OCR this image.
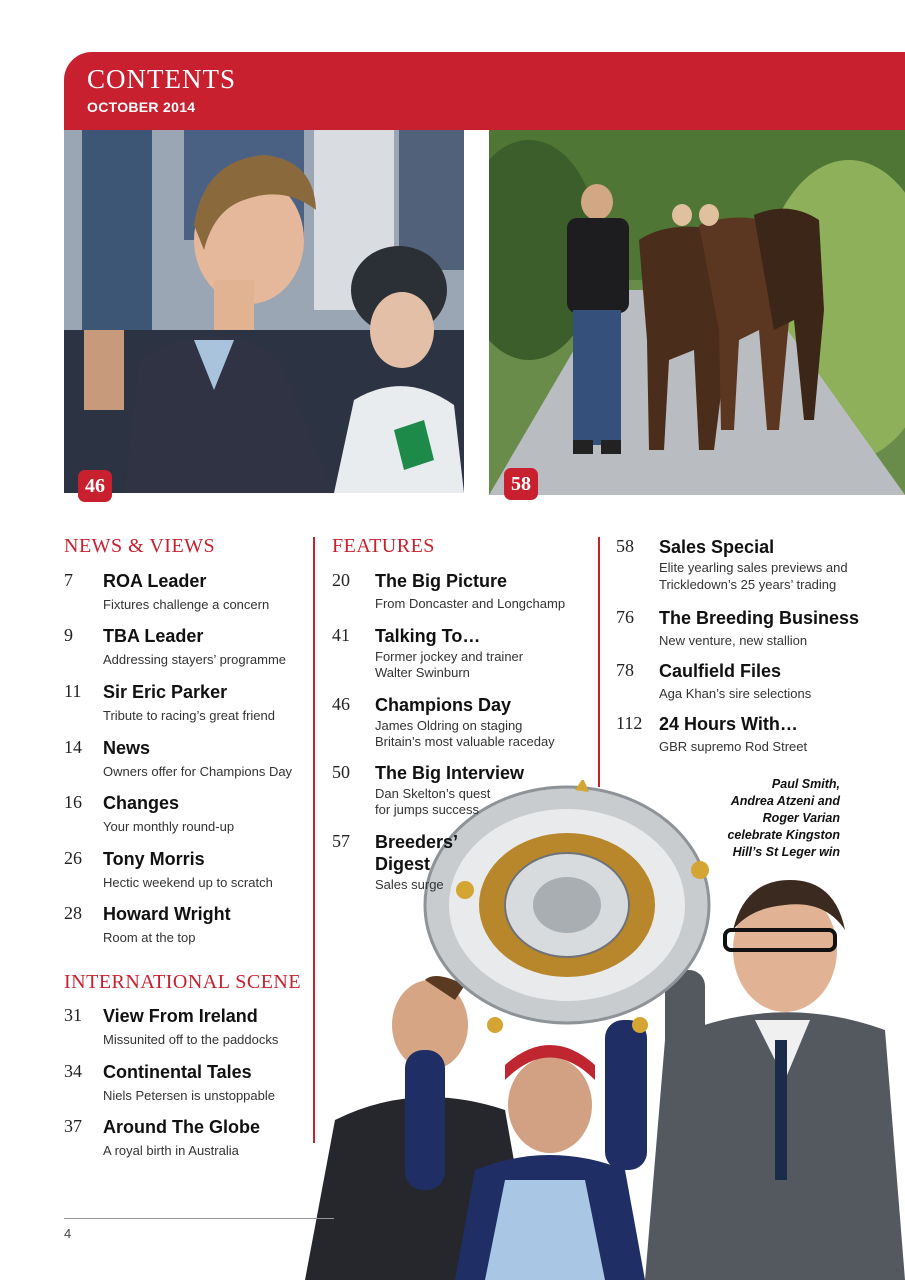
CONTENTS
OCTOBER 2014
46	58
NEWS & VIEWS	FEATURES
INTERNATIONAL SCENE
7 ROA Leader
Fixtures challenge a concern
9 TBA Leader
Addressing stayers’ programme
11 Sir Eric Parker
Tribute to racing’s great friend
14 News
Owners offer for Champions Day
16 Changes
Your monthly round-up
26 Tony Morris
Hectic weekend up to scratch
28 Howard Wright
Room at the top
31 View From Ireland
Missunited off to the paddocks
34 Continental Tales
Niels Petersen is unstoppable
37 Around The Globe
A royal birth in Australia
20 The Big Picture
From Doncaster and Longchamp
41 Talking To…
Former jockey and trainer
Walter Swinburn
46 Champions Day
James Oldring on staging
Britain’s most valuable raceday
50 The Big Interview
Dan Skelton’s quest
for jumps success
57 Breeders’
Digest
Sales surge
58 Sales Special
Elite yearling sales previews and
Trickledown’s 25 years’ trading
76 The Breeding Business
New venture, new stallion
78 Caulfield Files
Aga Khan’s sire selections
112 24 Hours With…
GBR supremo Rod Street
Paul Smith,
Andrea Atzeni and
Roger Varian
celebrate Kingston
Hill’s St Leger win
4
